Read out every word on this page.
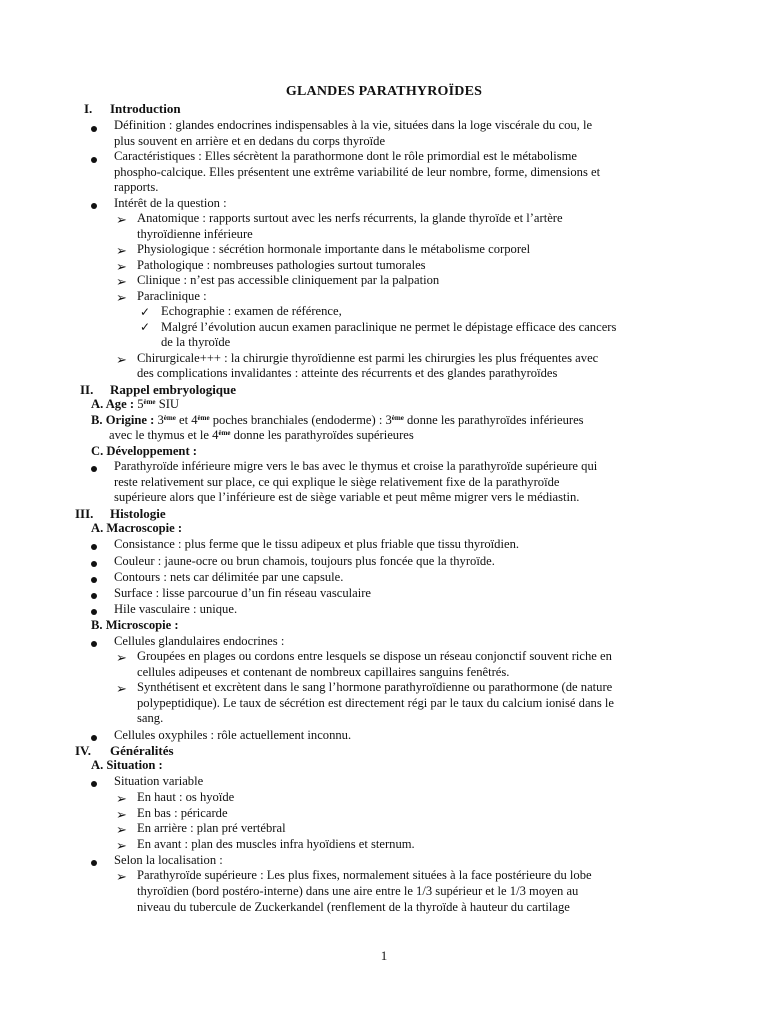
GLANDES PARATHYROÏDES
I. Introduction
Définition : glandes endocrines indispensables à la vie, situées dans la loge viscérale du cou, le
plus souvent en arrière et en dedans du corps thyroïde
Caractéristiques : Elles sécrètent la parathormone dont le rôle primordial est le métabolisme
phospho-calcique. Elles présentent une extrême variabilité de leur nombre, forme, dimensions et
rapports.
Intérêt de la question :
➢ Anatomique : rapports surtout avec les nerfs récurrents, la glande thyroïde et l’artère
thyroïdienne inférieure
➢ Physiologique : sécrétion hormonale importante dans le métabolisme corporel
➢ Pathologique : nombreuses pathologies surtout tumorales
➢ Clinique : n’est pas accessible cliniquement par la palpation
➢ Paraclinique :
✓ Echographie : examen de référence,
✓ Malgré l’évolution aucun examen paraclinique ne permet le dépistage efficace des cancers
de la thyroïde
➢ Chirurgicale+++ : la chirurgie thyroïdienne est parmi les chirurgies les plus fréquentes avec
des complications invalidantes : atteinte des récurrents et des glandes parathyroïdes
II. Rappel embryologique
A. Age : 5ème SIU
B. Origine : 3ème et 4ème poches branchiales (endoderme) : 3ème donne les parathyroïdes inférieures
avec le thymus et le 4ème donne les parathyroïdes supérieures
C. Développement :
Parathyroïde inférieure migre vers le bas avec le thymus et croise la parathyroïde supérieure qui
reste relativement sur place, ce qui explique le siège relativement fixe de la parathyroïde
supérieure alors que l’inférieure est de siège variable et peut même migrer vers le médiastin.
III. Histologie
A. Macroscopie :
Consistance : plus ferme que le tissu adipeux et plus friable que tissu thyroïdien.
Couleur : jaune-ocre ou brun chamois, toujours plus foncée que la thyroïde.
Contours : nets car délimitée par une capsule.
Surface : lisse parcourue d’un fin réseau vasculaire
Hile vasculaire : unique.
B. Microscopie :
Cellules glandulaires endocrines :
➢ Groupées en plages ou cordons entre lesquels se dispose un réseau conjonctif souvent riche en
cellules adipeuses et contenant de nombreux capillaires sanguins fenêtrés.
➢ Synthétisent et excrètent dans le sang l’hormone parathyroïdienne ou parathormone (de nature
polypeptidique). Le taux de sécrétion est directement régi par le taux du calcium ionisé dans le
sang.
Cellules oxyphiles : rôle actuellement inconnu.
IV. Généralités
A. Situation :
Situation variable
➢ En haut : os hyoïde
➢ En bas : péricarde
➢ En arrière : plan pré vertébral
➢ En avant : plan des muscles infra hyoïdiens et sternum.
Selon la localisation :
➢ Parathyroïde supérieure : Les plus fixes, normalement situées à la face postérieure du lobe
thyroïdien (bord postéro-interne) dans une aire entre le 1/3 supérieur et le 1/3 moyen au
niveau du tubercule de Zuckerkandel (renflement de la thyroïde à hauteur du cartilage
1
